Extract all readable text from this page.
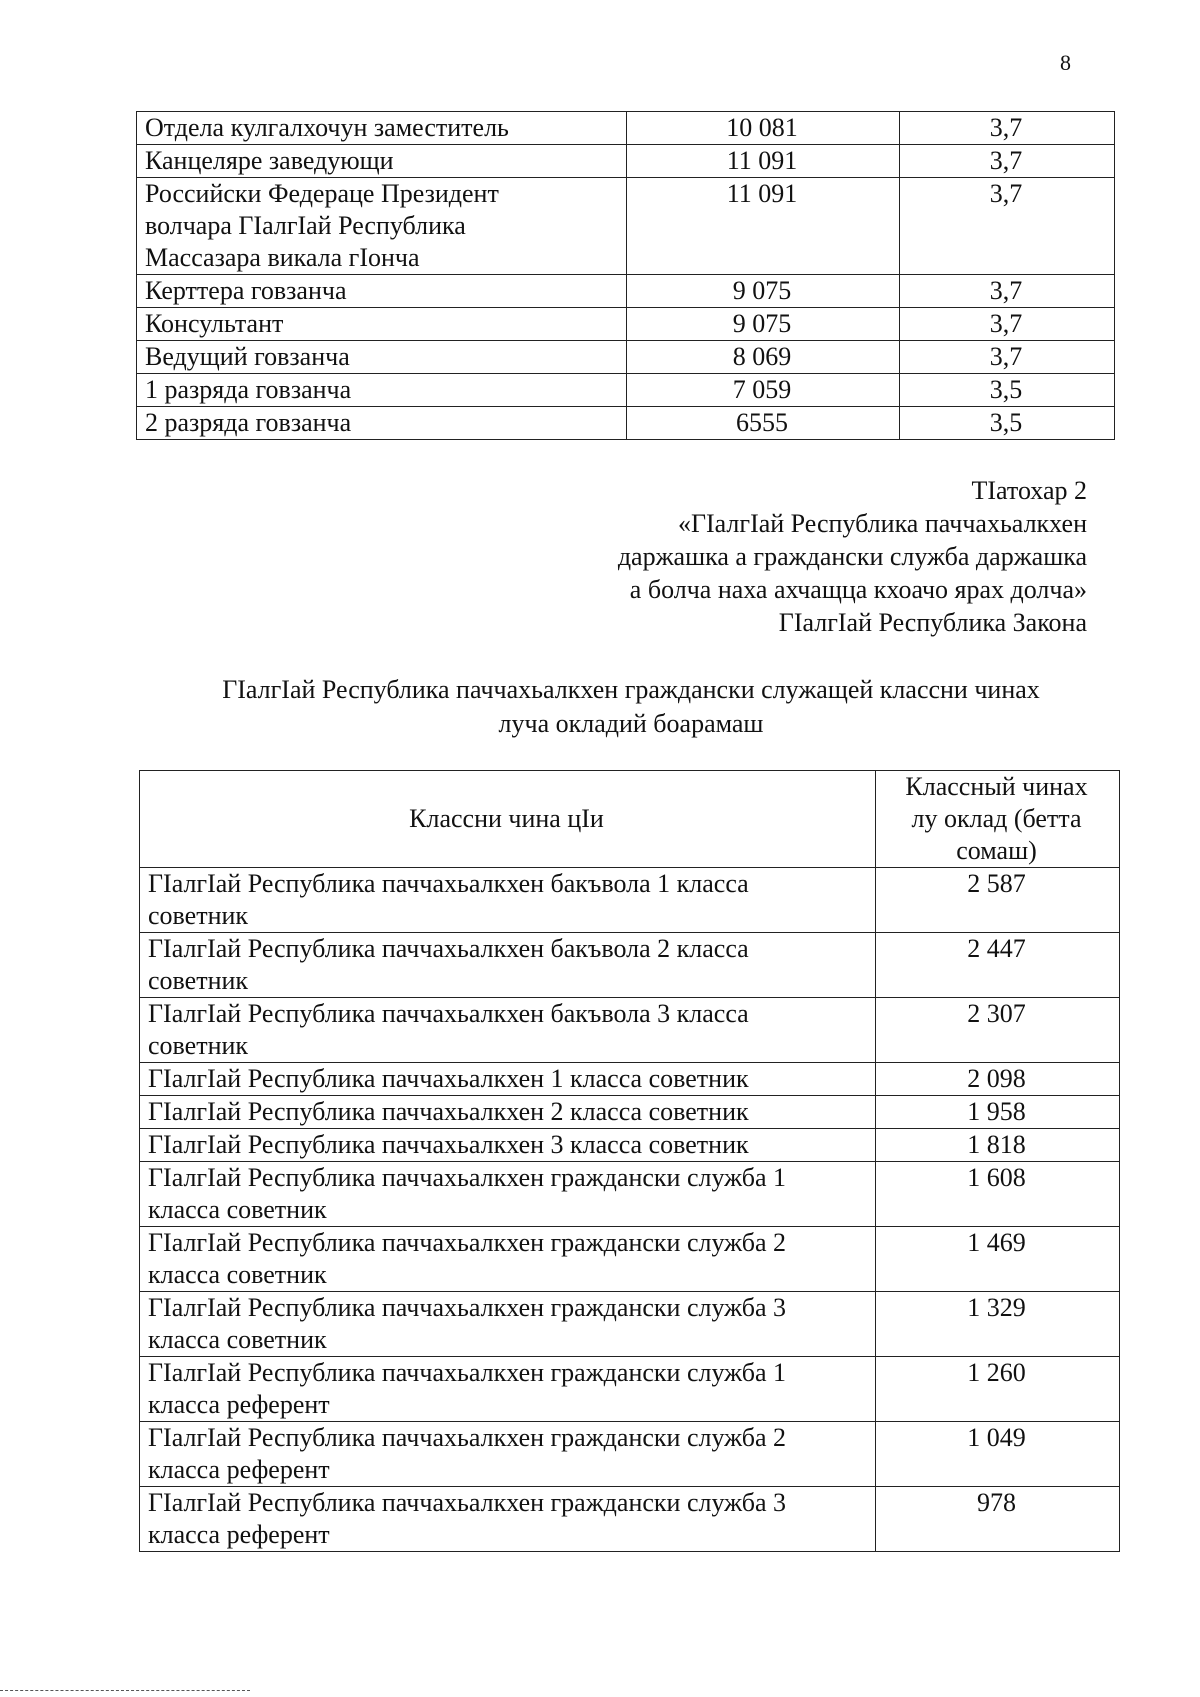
8
Отдела кулгалхочун заместитель	10 081	3,7
Канцеляре заведующи	11 091	3,7
Российски Федераце Президент
волчара ГІалгІай Республика
Массазара викала гІонча	11 091	3,7
Керттера говзанча	9 075	3,7
Консультант	9 075	3,7
Ведущий говзанча	8 069	3,7
1 разряда говзанча	7 059	3,5
2 разряда говзанча	6555	3,5
ТІатохар 2
«ГІалгІай Республика паччахьалкхен
даржашка а граждански служба даржашка
а болча наха ахчащца кхоачо ярах долча»
ГІалгІай Республика Закона
ГІалгІай Республика паччахьалкхен граждански служащей классни чинах
луча окладий боарамаш
Классни чина цІи	Классный чинах
лу оклад (бетта
сомаш)
ГІалгІай Республика паччахьалкхен бакъвола 1 класса
советник	2 587
ГІалгІай Республика паччахьалкхен бакъвола 2 класса
советник	2 447
ГІалгІай Республика паччахьалкхен бакъвола 3 класса
советник	2 307
ГІалгІай Республика паччахьалкхен 1 класса советник	2 098
ГІалгІай Республика паччахьалкхен 2 класса советник	1 958
ГІалгІай Республика паччахьалкхен 3 класса советник	1 818
ГІалгІай Республика паччахьалкхен граждански служба 1
класса советник	1 608
ГІалгІай Республика паччахьалкхен граждански служба 2
класса советник	1 469
ГІалгІай Республика паччахьалкхен граждански служба 3
класса советник	1 329
ГІалгІай Республика паччахьалкхен граждански служба 1
класса референт	1 260
ГІалгІай Республика паччахьалкхен граждански служба 2
класса референт	1 049
ГІалгІай Республика паччахьалкхен граждански служба 3
класса референт	978
